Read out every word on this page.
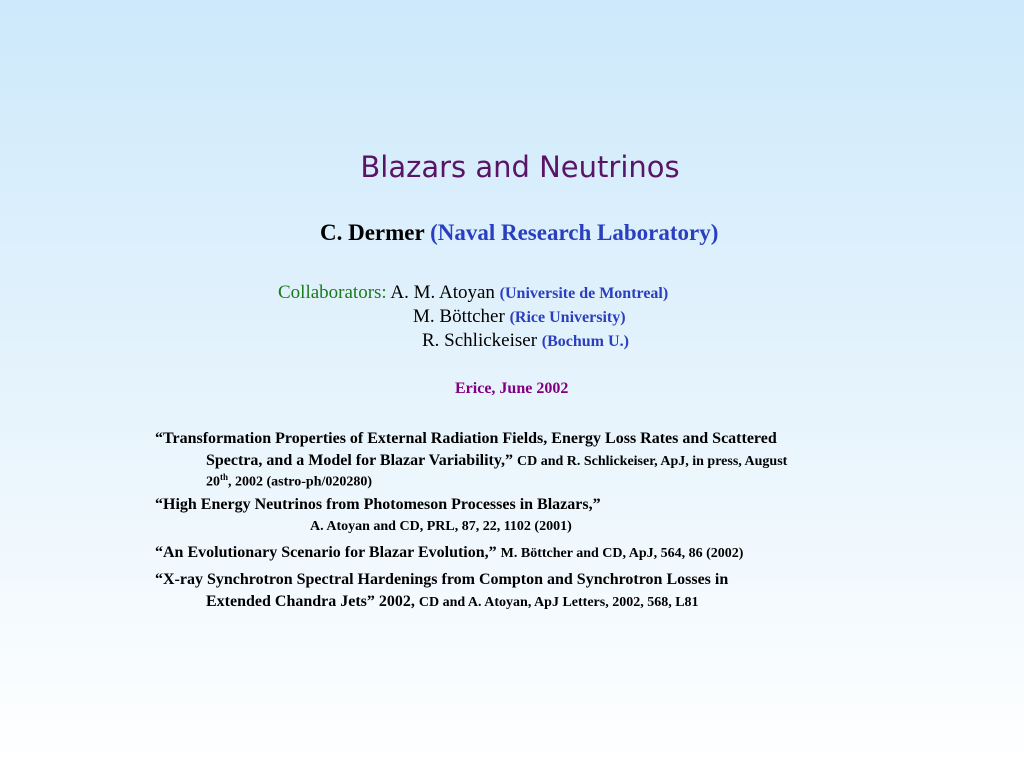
Blazars and Neutrinos
C. Dermer (Naval Research Laboratory)
Collaborators: A. M. Atoyan (Universite de Montreal)
M. Böttcher (Rice University)
R. Schlickeiser (Bochum U.)
Erice, June 2002
“Transformation Properties of External Radiation Fields, Energy Loss Rates and Scattered
Spectra, and a Model for Blazar Variability,” CD and R. Schlickeiser, ApJ, in press, August
20th, 2002 (astro-ph/020280)
“High Energy Neutrinos from Photomeson Processes in Blazars,”
A. Atoyan and CD, PRL, 87, 22, 1102 (2001)
“An Evolutionary Scenario for Blazar Evolution,” M. Böttcher and CD, ApJ, 564, 86 (2002)
“X-ray Synchrotron Spectral Hardenings from Compton and Synchrotron Losses in
Extended Chandra Jets” 2002, CD and A. Atoyan, ApJ Letters, 2002, 568, L81
